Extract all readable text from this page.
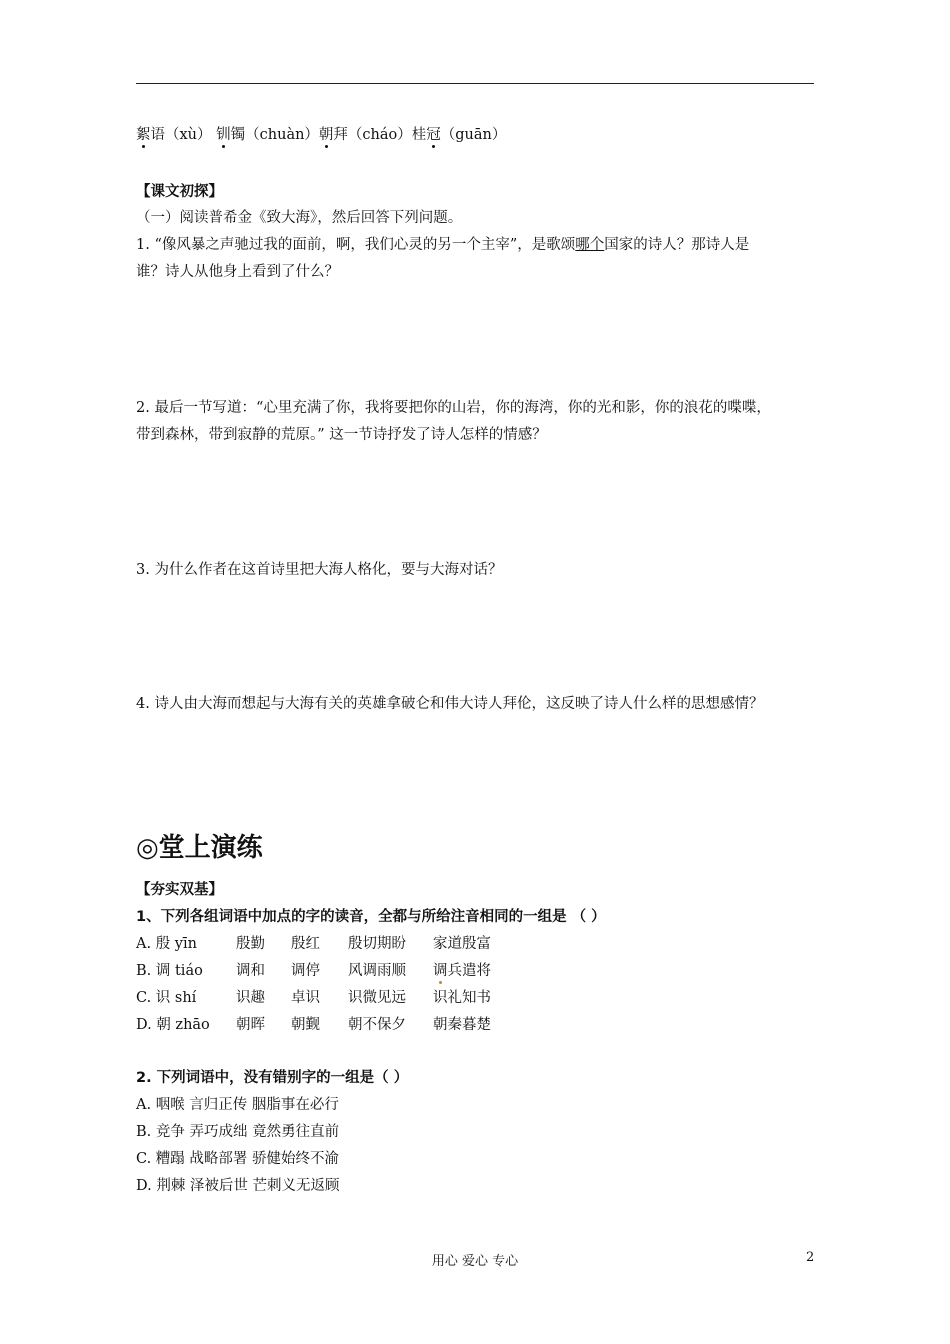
絮语（xù） 钏镯（chuàn）朝拜（cháo）桂冠（guān）
【课文初探】
（一）阅读普希金《致大海》，然后回答下列问题。
1. “像风暴之声驰过我的面前，啊，我们心灵的另一个主宰”，是歌颂哪个国家的诗人？那诗人是
谁？诗人从他身上看到了什么？
2. 最后一节写道：“心里充满了你，我将要把你的山岩，你的海湾，你的光和影，你的浪花的喋喋，
带到森林，带到寂静的荒原。” 这一节诗抒发了诗人怎样的情感？
3. 为什么作者在这首诗里把大海人格化，要与大海对话？
4. 诗人由大海而想起与大海有关的英雄拿破仑和伟大诗人拜伦，这反映了诗人什么样的思想感情？
◎堂上演练
【夯实双基】
1、下列各组词语中加点的字的读音，全都与所给注音相同的一组是 （ ）
A. 殷 yīn	殷勤 殷红 殷切期盼 家道殷富
B. 调 tiáo 调和 调停 风调雨顺 调兵遣将
C. 识 shí	识趣 卓识 识微见远 识礼知书
D. 朝 zhāo 朝晖 朝觐 朝不保夕 朝秦暮楚
2. 下列词语中，没有错别字的一组是（ ）
A. 咽喉 言归正传 胭脂事在必行
B. 竞争 弄巧成绌 竟然勇往直前
C. 糟蹋 战略部署 骄健始终不渝
D. 荆棘 泽被后世 芒刺义无返顾
用心 爱心 专心	2
